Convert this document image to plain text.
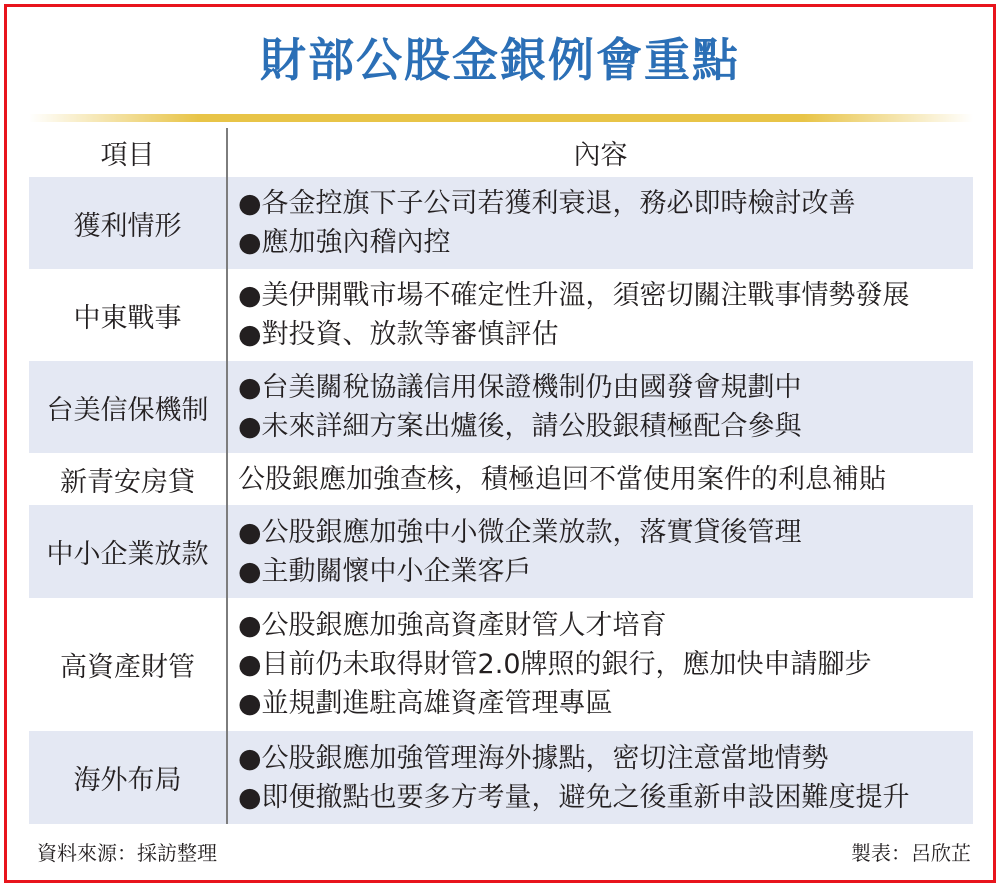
財部公股金銀例會重點
項目	內容
獲利情形	●各金控旗下子公司若獲利衰退，務必即時檢討改善
●應加強內稽內控

中東戰事	●美伊開戰市場不確定性升溫，須密切關注戰事情勢發展
●對投資、放款等審慎評估

台美信保機制	●台美關稅協議信用保證機制仍由國發會規劃中
●未來詳細方案出爐後，請公股銀積極配合參與

新青安房貸	公股銀應加強查核，積極追回不當使用案件的利息補貼

中小企業放款	●公股銀應加強中小微企業放款，落實貸後管理
●主動關懷中小企業客戶

高資產財管	●公股銀應加強高資產財管人才培育
●目前仍未取得財管2.0牌照的銀行，應加快申請腳步
●並規劃進駐高雄資產管理專區

海外布局	●公股銀應加強管理海外據點，密切注意當地情勢
●即便撤點也要多方考量，避免之後重新申設困難度提升
資料來源：採訪整理	製表：呂欣芷
